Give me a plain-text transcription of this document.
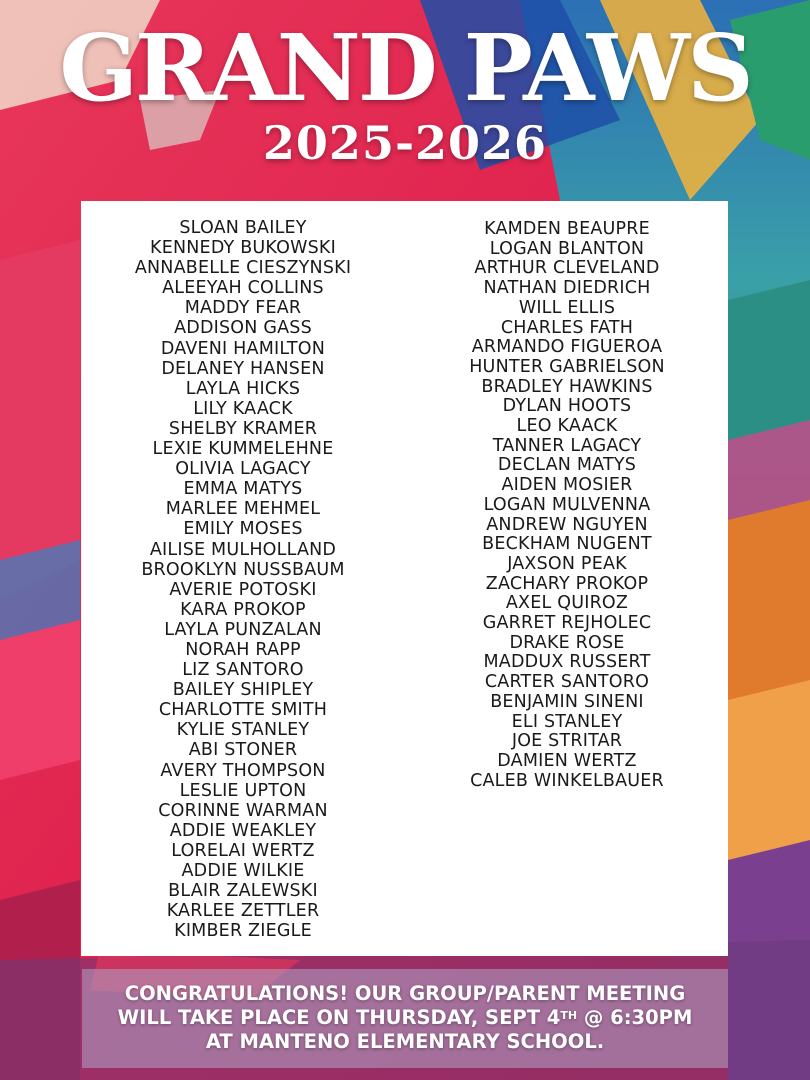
GRAND PAWS
2025-2026
SLOAN BAILEY
KENNEDY BUKOWSKI
ANNABELLE CIESZYNSKI
ALEEYAH COLLINS
MADDY FEAR
ADDISON GASS
DAVENI HAMILTON
DELANEY HANSEN
LAYLA HICKS
LILY KAACK
SHELBY KRAMER
LEXIE KUMMELEHNE
OLIVIA LAGACY
EMMA MATYS
MARLEE MEHMEL
EMILY MOSES
AILISE MULHOLLAND
BROOKLYN NUSSBAUM
AVERIE POTOSKI
KARA PROKOP
LAYLA PUNZALAN
NORAH RAPP
LIZ SANTORO
BAILEY SHIPLEY
CHARLOTTE SMITH
KYLIE STANLEY
ABI STONER
AVERY THOMPSON
LESLIE UPTON
CORINNE WARMAN
ADDIE WEAKLEY
LORELAI WERTZ
ADDIE WILKIE
BLAIR ZALEWSKI
KARLEE ZETTLER
KIMBER ZIEGLE
KAMDEN BEAUPRE
LOGAN BLANTON
ARTHUR CLEVELAND
NATHAN DIEDRICH
WILL ELLIS
CHARLES FATH
ARMANDO FIGUEROA
HUNTER GABRIELSON
BRADLEY HAWKINS
DYLAN HOOTS
LEO KAACK
TANNER LAGACY
DECLAN MATYS
AIDEN MOSIER
LOGAN MULVENNA
ANDREW NGUYEN
BECKHAM NUGENT
JAXSON PEAK
ZACHARY PROKOP
AXEL QUIROZ
GARRET REJHOLEC
DRAKE ROSE
MADDUX RUSSERT
CARTER SANTORO
BENJAMIN SINENI
ELI STANLEY
JOE STRITAR
DAMIEN WERTZ
CALEB WINKELBAUER
CONGRATULATIONS! OUR GROUP/PARENT MEETING
WILL TAKE PLACE ON THURSDAY, SEPT 4TH @ 6:30PM
AT MANTENO ELEMENTARY SCHOOL.
